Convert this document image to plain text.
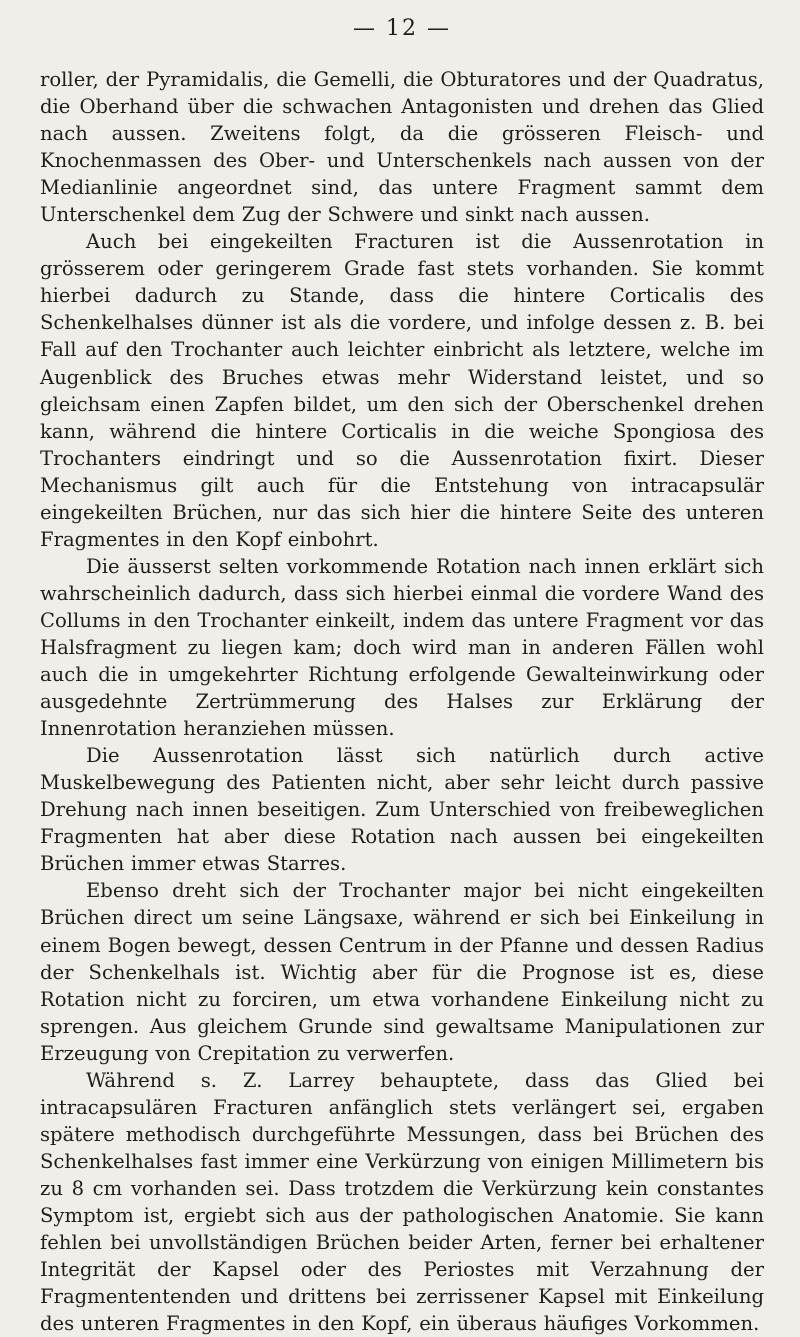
— 12 —

roller, der Pyramidalis, die Gemelli, die Obturatores und der Quadratus, die Oberhand über die schwachen Antagonisten und drehen das Glied nach aussen. Zweitens folgt, da die grösseren Fleisch- und Knochenmassen des Ober- und Unterschenkels nach aussen von der Medianlinie angeordnet sind, das untere Fragment sammt dem Unterschenkel dem Zug der Schwere und sinkt nach aussen.

Auch bei eingekeilten Fracturen ist die Aussenrotation in grösserem oder geringerem Grade fast stets vorhanden. Sie kommt hierbei dadurch zu Stande, dass die hintere Corticalis des Schenkelhalses dünner ist als die vordere, und infolge dessen z. B. bei Fall auf den Trochanter auch leichter einbricht als letztere, welche im Augenblick des Bruches etwas mehr Widerstand leistet, und so gleichsam einen Zapfen bildet, um den sich der Oberschenkel drehen kann, während die hintere Corticalis in die weiche Spongiosa des Trochanters eindringt und so die Aussenrotation fixirt. Dieser Mechanismus gilt auch für die Entstehung von intracapsulär eingekeilten Brüchen, nur das sich hier die hintere Seite des unteren Fragmentes in den Kopf einbohrt.

Die äusserst selten vorkommende Rotation nach innen erklärt sich wahrscheinlich dadurch, dass sich hierbei einmal die vordere Wand des Collums in den Trochanter einkeilt, indem das untere Fragment vor das Halsfragment zu liegen kam; doch wird man in anderen Fällen wohl auch die in umgekehrter Richtung erfolgende Gewalteinwirkung oder ausgedehnte Zertrümmerung des Halses zur Erklärung der Innenrotation heranziehen müssen.

Die Aussenrotation lässt sich natürlich durch active Muskelbewegung des Patienten nicht, aber sehr leicht durch passive Drehung nach innen beseitigen. Zum Unterschied von freibeweglichen Fragmenten hat aber diese Rotation nach aussen bei eingekeilten Brüchen immer etwas Starres.

Ebenso dreht sich der Trochanter major bei nicht eingekeilten Brüchen direct um seine Längsaxe, während er sich bei Einkeilung in einem Bogen bewegt, dessen Centrum in der Pfanne und dessen Radius der Schenkelhals ist. Wichtig aber für die Prognose ist es, diese Rotation nicht zu forciren, um etwa vorhandene Einkeilung nicht zu sprengen. Aus gleichem Grunde sind gewaltsame Manipulationen zur Erzeugung von Crepitation zu verwerfen.

Während s. Z. Larrey behauptete, dass das Glied bei intracapsulären Fracturen anfänglich stets verlängert sei, ergaben spätere methodisch durchgeführte Messungen, dass bei Brüchen des Schenkelhalses fast immer eine Verkürzung von einigen Millimetern bis zu 8 cm vorhanden sei. Dass trotzdem die Verkürzung kein constantes Symptom ist, ergiebt sich aus der pathologischen Anatomie. Sie kann fehlen bei unvollständigen Brüchen beider Arten, ferner bei erhaltener Integrität der Kapsel oder des Periostes mit Verzahnung der Fragmententenden und drittens bei zerrissener Kapsel mit Einkeilung des unteren Fragmentes in den Kopf, ein überaus häufiges Vorkommen.
